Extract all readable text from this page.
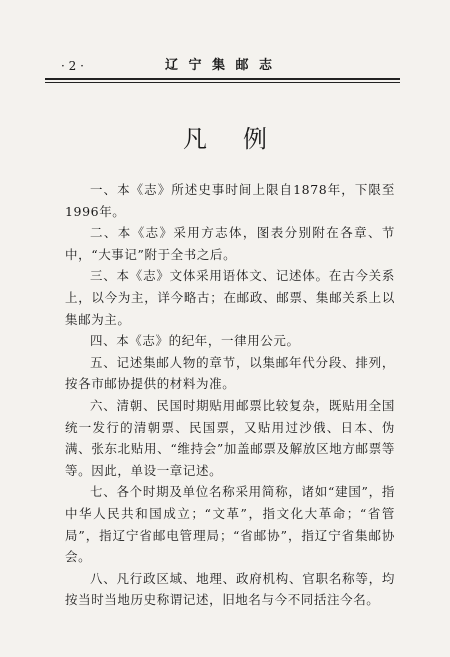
· 2 ·	辽 宁 集 邮 志
凡例

一、本《志》所述史事时间上限自1878年，下限至1996年。

二、本《志》采用方志体，图表分别附在各章、节中，“大事记”附于全书之后。

三、本《志》文体采用语体文、记述体。在古今关系上，以今为主，详今略古；在邮政、邮票、集邮关系上以集邮为主。

四、本《志》的纪年，一律用公元。

五、记述集邮人物的章节，以集邮年代分段、排列，按各市邮协提供的材料为准。

六、清朝、民国时期贴用邮票比较复杂，既贴用全国统一发行的清朝票、民国票，又贴用过沙俄、日本、伪满、张东北贴用、“维持会”加盖邮票及解放区地方邮票等等。因此，单设一章记述。

七、各个时期及单位名称采用简称，诸如“建国”，指中华人民共和国成立；“文革”，指文化大革命；“省管局”，指辽宁省邮电管理局；“省邮协”，指辽宁省集邮协会。

八、凡行政区域、地理、政府机构、官职名称等，均按当时当地历史称谓记述，旧地名与今不同括注今名。
